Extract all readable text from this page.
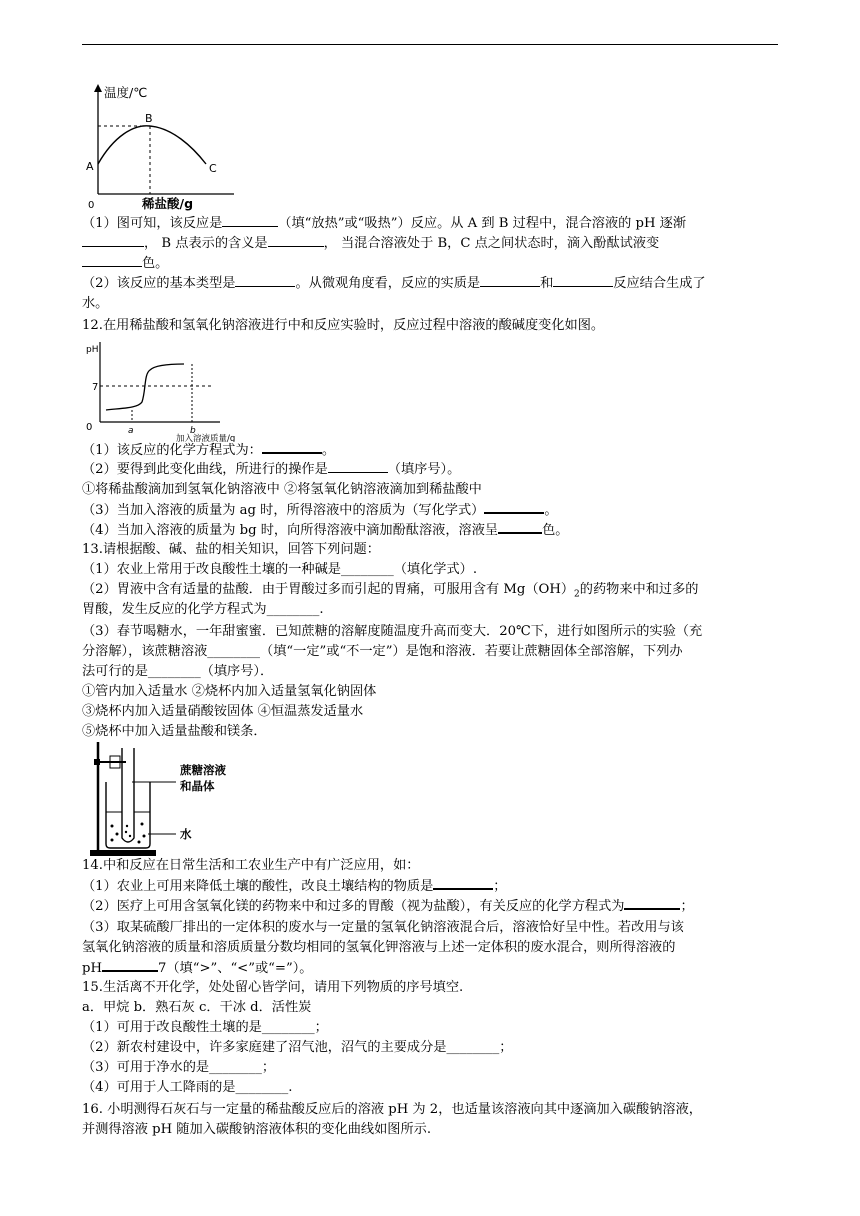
温度/℃
0	稀盐酸/g
A
B
C
（1）图可知，该反应是	（填“放热”或“吸热”）反应。从 A 到 B 过程中，混合溶液的 pH 逐渐
， B 点表示的含义是	， 当混合溶液处于 B，C 点之间状态时，滴入酚酞试液变
色。
（2）该反应的基本类型是	。从微观角度看，反应的实质是	和	反应结合生成了
水。
12.在用稀盐酸和氢氧化钠溶液进行中和反应实验时，反应过程中溶液的酸碱度变化如图。
pH
7
0	a	b
加入溶液质量/g
（1）该反应的化学方程式为：	。
（2）要得到此变化曲线，所进行的操作是	（填序号）。
①将稀盐酸滴加到氢氧化钠溶液中 ②将氢氧化钠溶液滴加到稀盐酸中
（3）当加入溶液的质量为 ag 时，所得溶液中的溶质为（写化学式）	。
（4）当加入溶液的质量为 bg 时，向所得溶液中滴加酚酞溶液，溶液呈	色。
13.请根据酸、碱、盐的相关知识，回答下列问题：
（1）农业上常用于改良酸性土壤的一种碱是________（填化学式）.
（2）胃液中含有适量的盐酸．由于胃酸过多而引起的胃痛，可服用含有 $Mg(OH)_2$的药物来中和过多的
胃酸，发生反应的化学方程式为________.
（3）春节喝糖水，一年甜蜜蜜．已知蔗糖的溶解度随温度升高而变大．20℃下，进行如图所示的实验（充
分溶解），该蔗糖溶液________（填“一定”或“不一定”）是饱和溶液．若要让蔗糖固体全部溶解，下列办
法可行的是________（填序号）．
①管内加入适量水 ②烧杯内加入适量氢氧化钠固体
③烧杯内加入适量硝酸铵固体 ④恒温蒸发适量水
⑤烧杯中加入适量盐酸和镁条．
蔗糖溶液
和晶体
水
14.中和反应在日常生活和工农业生产中有广泛应用，如：
（1）农业上可用来降低土壤的酸性，改良土壤结构的物质是	；
（2）医疗上可用含氢氧化镁的药物来中和过多的胃酸（视为盐酸），有关反应的化学方程式为	；
（3）取某硫酸厂排出的一定体积的废水与一定量的氢氧化钠溶液混合后，溶液恰好呈中性。若改用与该
氢氧化钠溶液的质量和溶质质量分数均相同的氢氧化钾溶液与上述一定体积的废水混合，则所得溶液的
pH	7（填“>”、“<”或“=”）。
15.生活离不开化学，处处留心皆学问，请用下列物质的序号填空.
a．甲烷 b．熟石灰 c．干冰 d．活性炭
（1）可用于改良酸性土壤的是________；
（2）新农村建设中，许多家庭建了沼气池，沼气的主要成分是________；
（3）可用于净水的是________；
（4）可用于人工降雨的是________.
16. 小明测得石灰石与一定量的稀盐酸反应后的溶液 pH 为 2，也适量该溶液向其中逐滴加入碳酸钠溶液，
并测得溶液 pH 随加入碳酸钠溶液体积的变化曲线如图所示.
